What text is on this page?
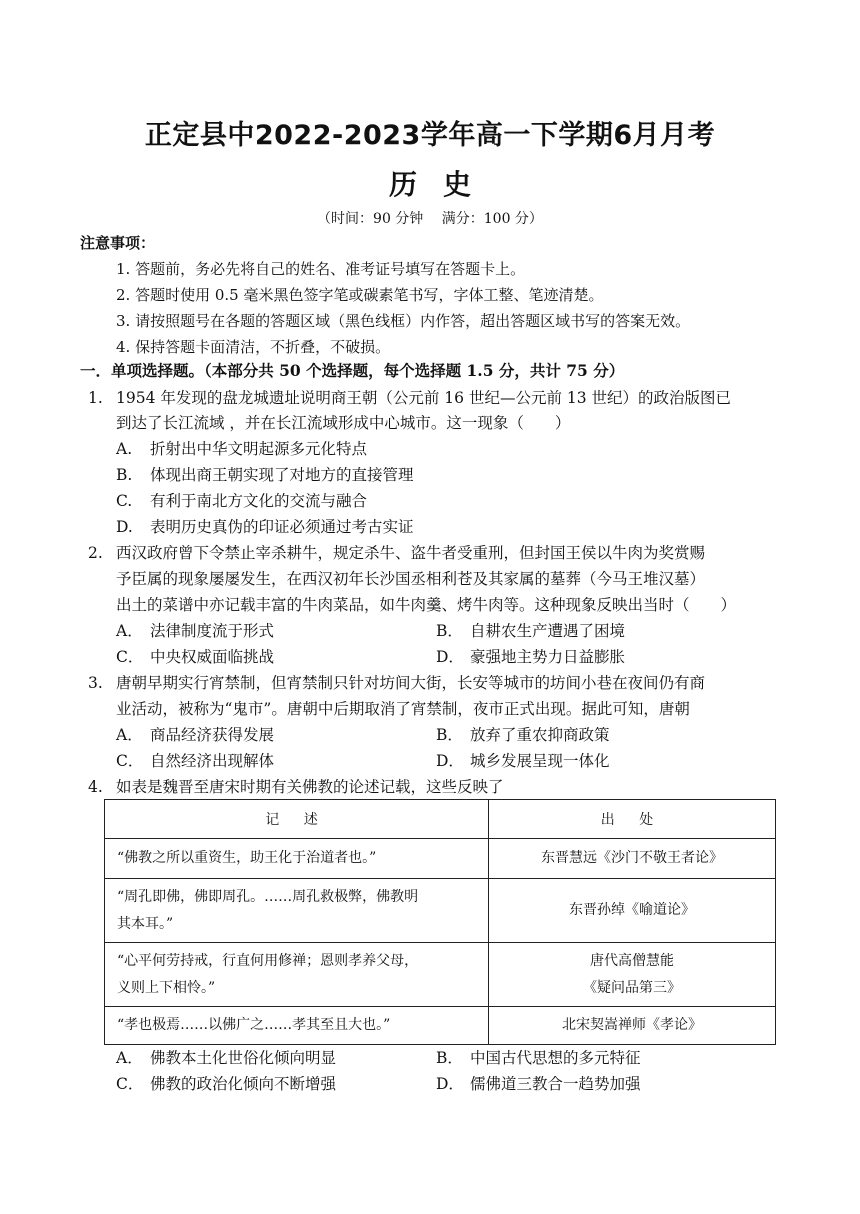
正定县中2022-2023学年高一下学期6月月考
历史
（时间：90 分钟　 满分：100 分）
注意事项：
1. 答题前，务必先将自己的姓名、准考证号填写在答题卡上。
2. 答题时使用 0.5 毫米黑色签字笔或碳素笔书写，字体工整、笔迹清楚。
3. 请按照题号在各题的答题区域（黑色线框）内作答，超出答题区域书写的答案无效。
4. 保持答题卡面清洁，不折叠，不破损。
一．单项选择题。（本部分共 50 个选择题，每个选择题 1.5 分，共计 75 分）
1. 1954 年发现的盘龙城遗址说明商王朝（公元前 16 世纪—公元前 13 世纪）的政治版图已
到达了长江流域 ，并在长江流域形成中心城市。这一现象（　　）
A. 折射出中华文明起源多元化特点
B. 体现出商王朝实现了对地方的直接管理
C. 有利于南北方文化的交流与融合
D. 表明历史真伪的印证必须通过考古实证
2. 西汉政府曾下令禁止宰杀耕牛，规定杀牛、盗牛者受重刑，但封国王侯以牛肉为奖赏赐
予臣属的现象屡屡发生，在西汉初年长沙国丞相利苍及其家属的墓葬（今马王堆汉墓）
出土的菜谱中亦记载丰富的牛肉菜品，如牛肉羹、烤牛肉等。这种现象反映出当时（　　）
A． 法律制度流于形式	B． 自耕农生产遭遇了困境
C． 中央权威面临挑战	D． 豪强地主势力日益膨胀
3. 唐朝早期实行宵禁制，但宵禁制只针对坊间大街，长安等城市的坊间小巷在夜间仍有商
业活动，被称为“鬼市”。唐朝中后期取消了宵禁制，夜市正式出现。据此可知，唐朝
A． 商品经济获得发展	B． 放弃了重农抑商政策
C． 自然经济出现解体	D． 城乡发展呈现一体化
4. 如表是魏晋至唐宋时期有关佛教的论述记载，这些反映了
记 述	出 处
“佛教之所以重资生，助王化于治道者也。”	东晋慧远《沙门不敬王者论》
“周孔即佛，佛即周孔。……周孔救极弊，佛教明
其本耳。”	东晋孙绰《喻道论》
“心平何劳持戒，行直何用修禅；恩则孝养父母，
义则上下相怜。”	唐代高僧慧能
《疑问品第三》
“孝也极焉……以佛广之……孝其至且大也。”	北宋契嵩禅师《孝论》
A． 佛教本土化世俗化倾向明显	B． 中国古代思想的多元特征
C． 佛教的政治化倾向不断增强	D． 儒佛道三教合一趋势加强
